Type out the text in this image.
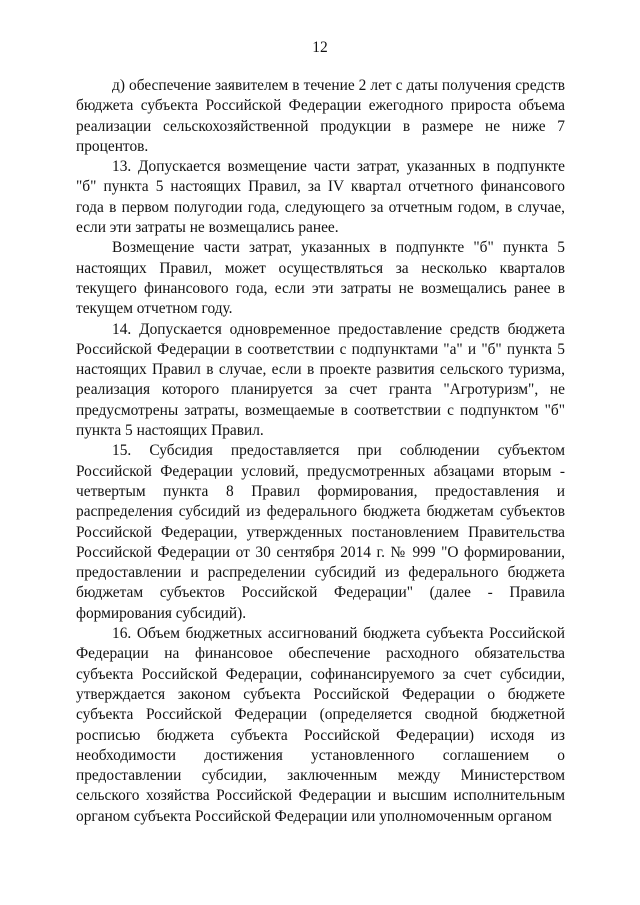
12

д) обеспечение заявителем в течение 2 лет с даты получения средств бюджета субъекта Российской Федерации ежегодного прироста объема реализации сельскохозяйственной продукции в размере не ниже 7 процентов.

13. Допускается возмещение части затрат, указанных в подпункте "б" пункта 5 настоящих Правил, за IV квартал отчетного финансового года в первом полугодии года, следующего за отчетным годом, в случае, если эти затраты не возмещались ранее.

Возмещение части затрат, указанных в подпункте "б" пункта 5 настоящих Правил, может осуществляться за несколько кварталов текущего финансового года, если эти затраты не возмещались ранее в текущем отчетном году.

14. Допускается одновременное предоставление средств бюджета Российской Федерации в соответствии с подпунктами "а" и "б" пункта 5 настоящих Правил в случае, если в проекте развития сельского туризма, реализация которого планируется за счет гранта "Агротуризм", не предусмотрены затраты, возмещаемые в соответствии с подпунктом "б" пункта 5 настоящих Правил.

15. Субсидия предоставляется при соблюдении субъектом Российской Федерации условий, предусмотренных абзацами вторым - четвертым пункта 8 Правил формирования, предоставления и распределения субсидий из федерального бюджета бюджетам субъектов Российской Федерации, утвержденных постановлением Правительства Российской Федерации от 30 сентября 2014 г. № 999 "О формировании, предоставлении и распределении субсидий из федерального бюджета бюджетам субъектов Российской Федерации" (далее - Правила формирования субсидий).

16. Объем бюджетных ассигнований бюджета субъекта Российской Федерации на финансовое обеспечение расходного обязательства субъекта Российской Федерации, софинансируемого за счет субсидии, утверждается законом субъекта Российской Федерации о бюджете субъекта Российской Федерации (определяется сводной бюджетной росписью бюджета субъекта Российской Федерации) исходя из необходимости достижения установленного соглашением о предоставлении субсидии, заключенным между Министерством сельского хозяйства Российской Федерации и высшим исполнительным органом субъекта Российской Федерации или уполномоченным органом
